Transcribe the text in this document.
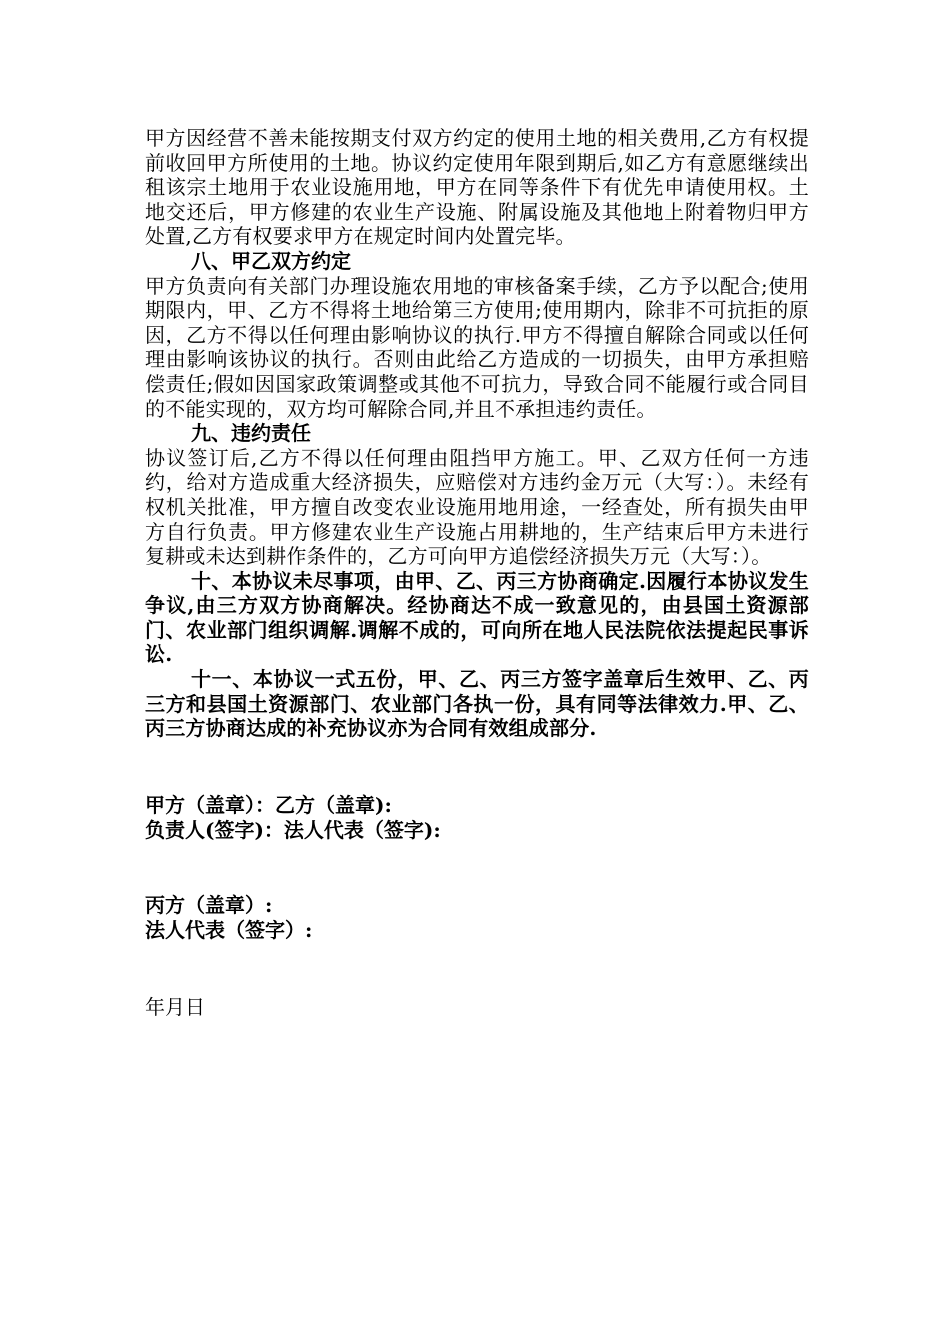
甲方因经营不善未能按期支付双方约定的使用土地的相关费用,乙方有权提前收回甲方所使用的土地。协议约定使用年限到期后,如乙方有意愿继续出租该宗土地用于农业设施用地，甲方在同等条件下有优先申请使用权。土地交还后，甲方修建的农业生产设施、附属设施及其他地上附着物归甲方处置,乙方有权要求甲方在规定时间内处置完毕。

八、甲乙双方约定

甲方负责向有关部门办理设施农用地的审核备案手续，乙方予以配合;使用期限内，甲、乙方不得将土地给第三方使用;使用期内，除非不可抗拒的原因，乙方不得以任何理由影响协议的执行.甲方不得擅自解除合同或以任何理由影响该协议的执行。否则由此给乙方造成的一切损失，由甲方承担赔偿责任;假如因国家政策调整或其他不可抗力，导致合同不能履行或合同目的不能实现的，双方均可解除合同,并且不承担违约责任。

九、违约责任

协议签订后,乙方不得以任何理由阻挡甲方施工。甲、乙双方任何一方违约，给对方造成重大经济损失，应赔偿对方违约金万元（大写：）。未经有权机关批准，甲方擅自改变农业设施用地用途，一经查处，所有损失由甲方自行负责。甲方修建农业生产设施占用耕地的，生产结束后甲方未进行复耕或未达到耕作条件的，乙方可向甲方追偿经济损失万元（大写：）。

十、本协议未尽事项，由甲、乙、丙三方协商确定.因履行本协议发生争议,由三方双方协商解决。经协商达不成一致意见的，由县国土资源部门、农业部门组织调解.调解不成的，可向所在地人民法院依法提起民事诉讼.

十一、本协议一式五份，甲、乙、丙三方签字盖章后生效甲、乙、丙三方和县国土资源部门、农业部门各执一份，具有同等法律效力.甲、乙、丙三方协商达成的补充协议亦为合同有效组成部分.

甲方（盖章）：乙方（盖章):

负责人(签字)：法人代表（签字):

丙方（盖章）:

法人代表（签字）:

年月日
